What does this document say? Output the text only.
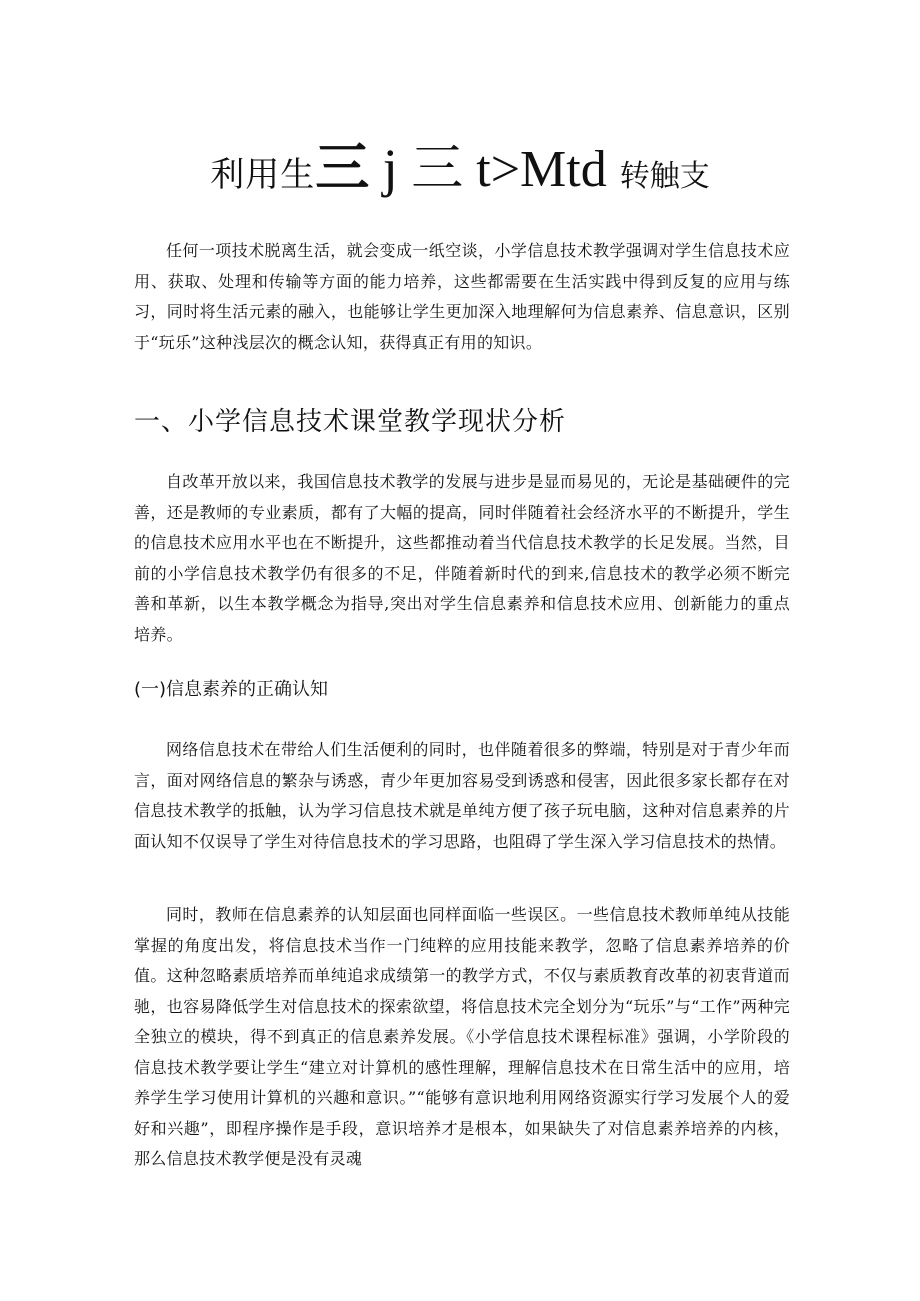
利用生三 j 三 t>Mtd 转触支

任何一项技术脱离生活，就会变成一纸空谈，小学信息技术教学强调对学生信息技术应用、获取、处理和传输等方面的能力培养，这些都需要在生活实践中得到反复的应用与练习，同时将生活元素的融入，也能够让学生更加深入地理解何为信息素养、信息意识，区别于“玩乐”这种浅层次的概念认知，获得真正有用的知识。

一、小学信息技术课堂教学现状分析

自改革开放以来，我国信息技术教学的发展与进步是显而易见的，无论是基础硬件的完善，还是教师的专业素质，都有了大幅的提高，同时伴随着社会经济水平的不断提升，学生的信息技术应用水平也在不断提升，这些都推动着当代信息技术教学的长足发展。当然，目前的小学信息技术教学仍有很多的不足，伴随着新时代的到来,信息技术的教学必须不断完善和革新，以生本教学概念为指导,突出对学生信息素养和信息技术应用、创新能力的重点培养。

(一)信息素养的正确认知

网络信息技术在带给人们生活便利的同时，也伴随着很多的弊端，特别是对于青少年而言，面对网络信息的繁杂与诱惑，青少年更加容易受到诱惑和侵害，因此很多家长都存在对信息技术教学的抵触，认为学习信息技术就是单纯方便了孩子玩电脑，这种对信息素养的片面认知不仅误导了学生对待信息技术的学习思路，也阻碍了学生深入学习信息技术的热情。

同时，教师在信息素养的认知层面也同样面临一些误区。一些信息技术教师单纯从技能掌握的角度出发，将信息技术当作一门纯粹的应用技能来教学，忽略了信息素养培养的价值。这种忽略素质培养而单纯追求成绩第一的教学方式，不仅与素质教育改革的初衷背道而驰，也容易降低学生对信息技术的探索欲望，将信息技术完全划分为“玩乐”与“工作”两种完全独立的模块，得不到真正的信息素养发展。《小学信息技术课程标准》强调，小学阶段的信息技术教学要让学生“建立对计算机的感性理解，理解信息技术在日常生活中的应用，培养学生学习使用计算机的兴趣和意识。”“能够有意识地利用网络资源实行学习发展个人的爱好和兴趣”，即程序操作是手段，意识培养才是根本，如果缺失了对信息素养培养的内核，那么信息技术教学便是没有灵魂
